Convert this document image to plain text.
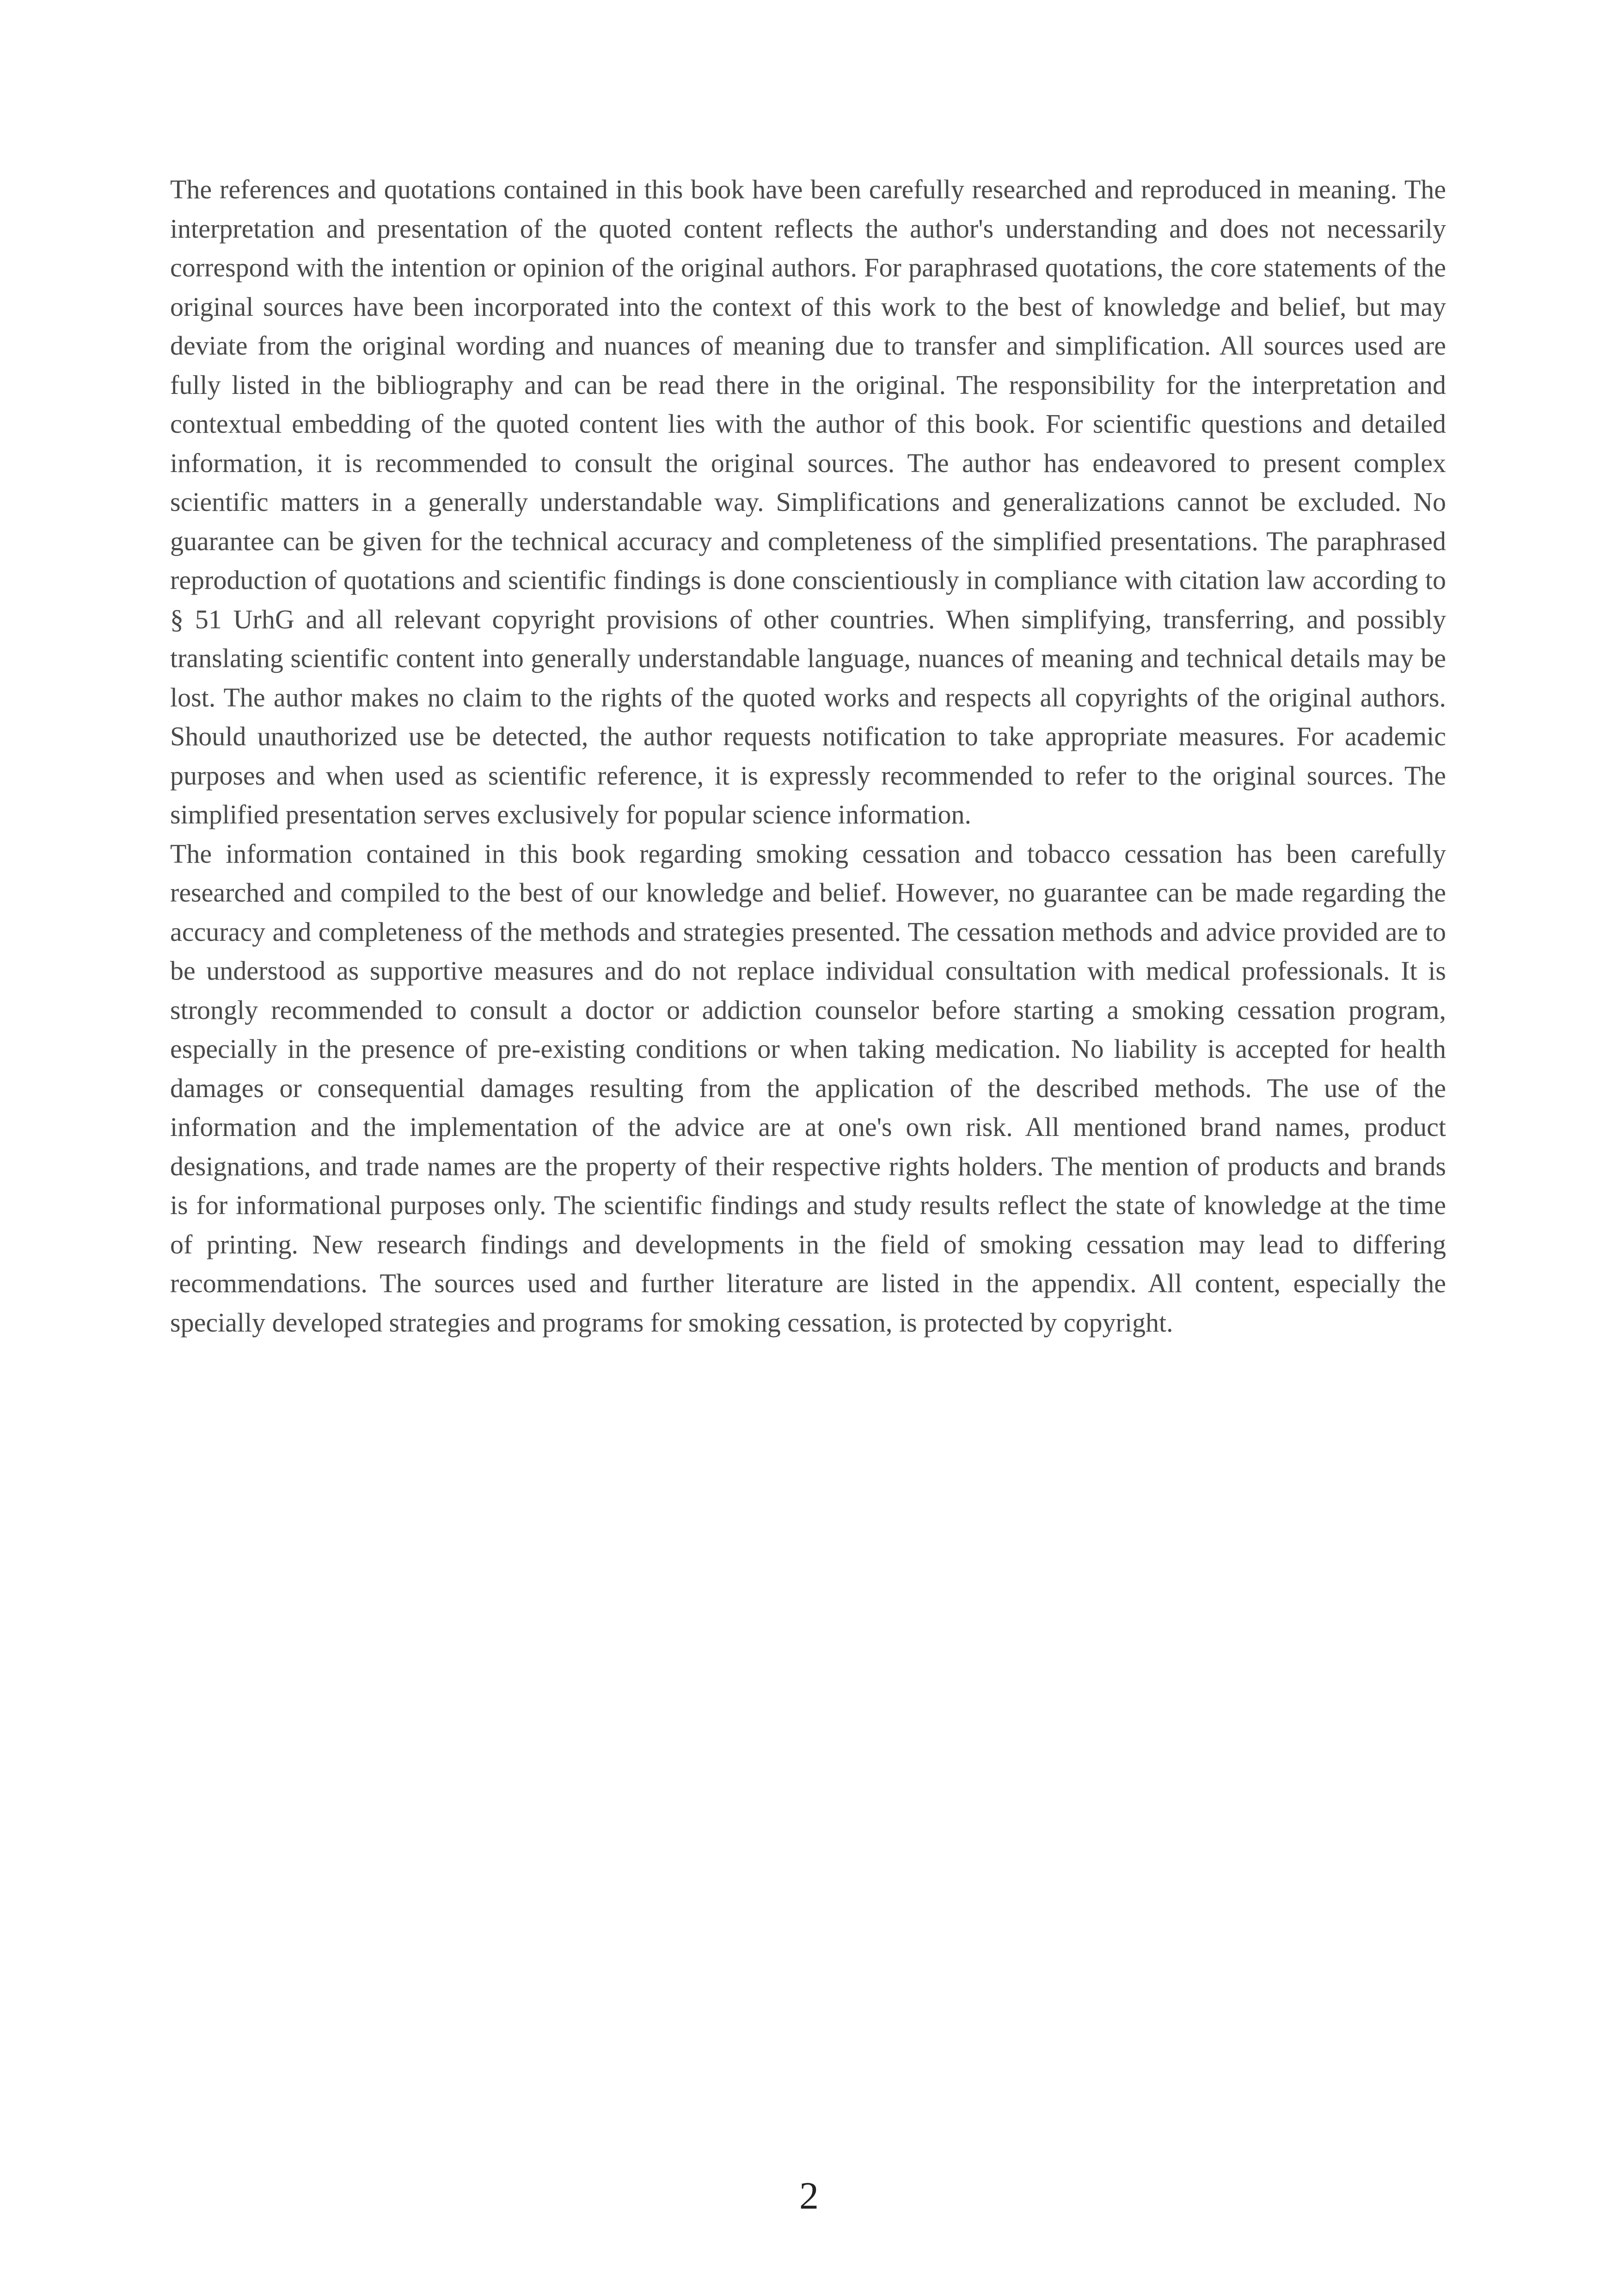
The references and quotations contained in this book have been carefully researched and reproduced in meaning. The interpretation and presentation of the quoted content reflects the author's understanding and does not necessarily correspond with the intention or opinion of the original authors. For paraphrased quotations, the core statements of the original sources have been incorporated into the context of this work to the best of knowledge and belief, but may deviate from the original wording and nuances of meaning due to transfer and simplification. All sources used are fully listed in the bibliography and can be read there in the original. The responsibility for the interpretation and contextual embedding of the quoted content lies with the author of this book. For scientific questions and detailed information, it is recommended to consult the original sources. The author has endeavored to present complex scientific matters in a generally understandable way. Simplifications and generalizations cannot be excluded. No guarantee can be given for the technical accuracy and completeness of the simplified presentations. The paraphrased reproduction of quotations and scientific findings is done conscientiously in compliance with citation law according to § 51 UrhG and all relevant copyright provisions of other countries. When simplifying, transferring, and possibly translating scientific content into generally understandable language, nuances of meaning and technical details may be lost. The author makes no claim to the rights of the quoted works and respects all copyrights of the original authors. Should unauthorized use be detected, the author requests notification to take appropriate measures. For academic purposes and when used as scientific reference, it is expressly recommended to refer to the original sources. The simplified presentation serves exclusively for popular science information.

The information contained in this book regarding smoking cessation and tobacco cessation has been carefully researched and compiled to the best of our knowledge and belief. However, no guarantee can be made regarding the accuracy and completeness of the methods and strategies presented. The cessation methods and advice provided are to be understood as supportive measures and do not replace individual consultation with medical professionals. It is strongly recommended to consult a doctor or addiction counselor before starting a smoking cessation program, especially in the presence of pre-existing conditions or when taking medication. No liability is accepted for health damages or consequential damages resulting from the application of the described methods. The use of the information and the implementation of the advice are at one's own risk. All mentioned brand names, product designations, and trade names are the property of their respective rights holders. The mention of products and brands is for informational purposes only. The scientific findings and study results reflect the state of knowledge at the time of printing. New research findings and developments in the field of smoking cessation may lead to differing recommendations. The sources used and further literature are listed in the appendix. All content, especially the specially developed strategies and programs for smoking cessation, is protected by copyright.

2
